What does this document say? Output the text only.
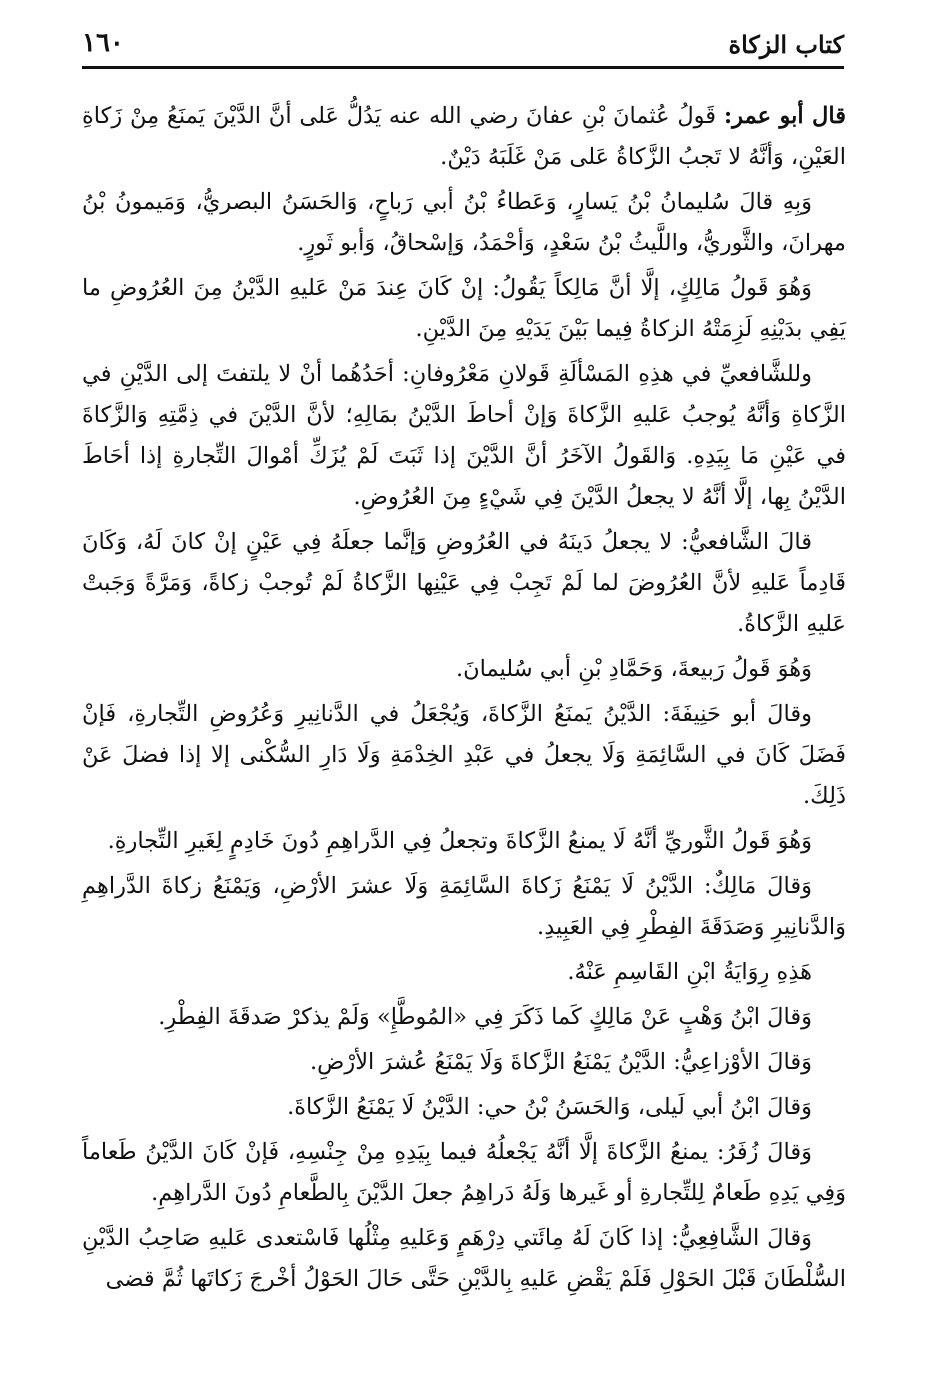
كتاب الزكاة
١٦٠

قال أبو عمر: قَولُ عُثمانَ بْنِ عفانَ رضي الله عنه يَدُلُّ عَلى أنَّ الدَّيْنَ يَمنَعُ مِنْ زَكاةِ العَيْنِ، وَأنَّهُ لا تَجبُ الزَّكاةُ عَلى مَنْ غَلَبَهُ دَيْنٌ.

وَبِهِ قالَ سُليمانُ بْنُ يَسارٍ، وَعَطاءُ بْنُ أبي رَباحٍ، وَالحَسَنُ البصريُّ، وَمَيمونُ بْنُ مهرانَ، والثَّوريُّ، واللَّيثُ بْنُ سَعْدٍ، وَأحْمَدُ، وَإسْحاقُ، وَأبو ثَورٍ.

وَهُوَ قَولُ مَالِكٍ، إلَّا أنَّ مَالِكاً يَقُولُ: إنْ كَانَ عِندَ مَنْ عَليهِ الدَّيْنُ مِنَ العُرُوضِ ما يَفِي بدَيْنِهِ لَزِمَتْهُ الزكاةُ فِيما بَيْنَ يَدَيْهِ مِنَ الدَّيْنِ.

وللشَّافعيِّ في هذِهِ المَسْألَةِ قَولانِ مَعْرُوفانِ: أحَدُهُما أنْ لا يلتفتَ إلى الدَّيْنِ في الزَّكاةِ وَأنَّهُ يُوجبُ عَليهِ الزَّكاةَ وَإنْ أحاطَ الدَّيْنُ بمَالِهِ؛ لأنَّ الدَّيْنَ في ذِمَّتِهِ وَالزَّكاةَ في عَيْنِ مَا بِيَدِهِ. وَالقَولُ الآخَرُ أنَّ الدَّيْنَ إذا ثَبَتَ لَمْ يُزَكِّ أمْوالَ التِّجارةِ إذا أحَاطَ الدَّيْنُ بِها، إلَّا أنَّهُ لا يجعلُ الدَّيْنَ فِي شَيْءٍ مِنَ العُرُوضِ.

قالَ الشَّافعيُّ: لا يجعلُ دَينَهُ في العُرُوضِ وَإنَّما جعلَهُ فِي عَيْنٍ إنْ كانَ لَهُ، وَكَانَ قَادِماً عَليهِ لأنَّ العُرُوضَ لما لَمْ تَجِبْ فِي عَيْنِها الزَّكاةُ لَمْ تُوجبْ زكاةً، وَمَرَّةً وَجَبتْ عَليهِ الزَّكاةُ.

وَهُوَ قَولُ رَبيعةَ، وَحَمَّادِ بْنِ أبي سُليمانَ.

وقالَ أبو حَنِيفَةَ: الدَّيْنُ يَمنَعُ الزَّكاةَ، وَيُجْعَلُ في الدَّنانِيرِ وَعُرُوضِ التِّجارةِ، فَإنْ فَضَلَ كَانَ في السَّائِمَةِ وَلَا يجعلُ في عَبْدِ الخِدْمَةِ وَلَا دَارِ السُّكْنى إلا إذا فضلَ عَنْ ذَلِكَ.

وَهُوَ قَولُ الثَّوريِّ أنَّهُ لَا يمنعُ الزَّكاةَ وتجعلُ فِي الدَّراهِمِ دُونَ خَادِمٍ لِغَيرِ التِّجارةِ.

وَقالَ مَالِكٌ: الدَّيْنُ لَا يَمْنَعُ زَكاةَ السَّائِمَةِ وَلَا عشرَ الأرْضِ، وَيَمْنَعُ زكاةَ الدَّراهِمِ وَالدَّنانِيرِ وَصَدَقَةَ الفِطْرِ فِي العَبِيدِ.

هَذِهِ رِوَايَةُ ابْنِ القَاسِمِ عَنْهُ.

وَقالَ ابْنُ وَهْبٍ عَنْ مَالِكٍ كَما ذَكَرَ فِي «المُوطَّإِ» وَلَمْ يذكرْ صَدقَةَ الفِطْرِ.

وَقالَ الأوْزاعِيُّ: الدَّيْنُ يَمْنَعُ الزَّكاةَ وَلَا يَمْنَعُ عُشرَ الأرْضِ.

وَقالَ ابْنُ أبي لَيلى، وَالحَسَنُ بْنُ حي: الدَّيْنُ لَا يَمْنَعُ الزَّكاةَ.

وَقالَ زُفَرُ: يمنعُ الزَّكاةَ إلَّا أنَّهُ يَجْعلُهُ فيما بِيَدِهِ مِنْ جِنْسِهِ، فَإنْ كَانَ الدَّيْنُ طَعاماً وَفِي يَدِهِ طَعامٌ لِلتِّجارةِ أو غَيرها وَلَهُ دَراهِمُ جعلَ الدَّيْنَ بِالطَّعامِ دُونَ الدَّراهِمِ.

وَقالَ الشَّافِعِيُّ: إذا كَانَ لَهُ مِائَتي دِرْهَمٍ وَعَليهِ مِثْلُها فَاسْتعدى عَليهِ صَاحِبُ الدَّيْنِ السُّلْطَانَ قَبْلَ الحَوْلِ فَلَمْ يَقْضِ عَليهِ بِالدَّيْنِ حَتَّى حَالَ الحَوْلُ أخْرجَ زَكاتَها ثُمَّ قضى
